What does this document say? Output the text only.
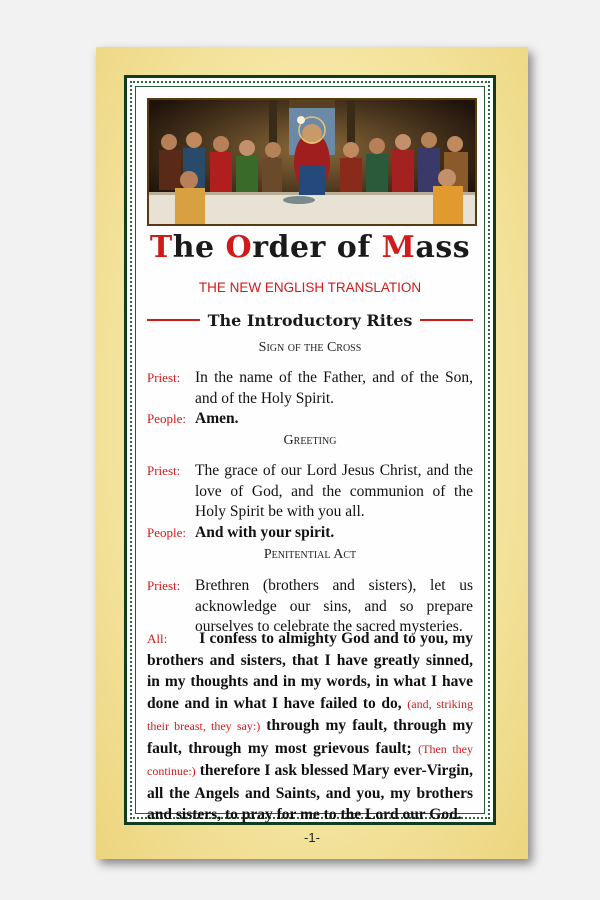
The Order of Mass
THE NEW ENGLISH TRANSLATION
The Introductory Rites
Sign of the Cross
Priest: In the name of the Father, and of the Son, and of the Holy Spirit.
People: Amen.
Greeting
Priest: The grace of our Lord Jesus Christ, and the love of God, and the communion of the Holy Spirit be with you all.
People: And with your spirit.
Penitential Act
Priest: Brethren (brothers and sisters), let us acknowledge our sins, and so prepare ourselves to celebrate the sacred mysteries.
All: I confess to almighty God and to you, my brothers and sisters, that I have greatly sinned, in my thoughts and in my words, in what I have done and in what I have failed to do, (and, striking their breast, they say:) through my fault, through my fault, through my most grievous fault; (Then they continue:) therefore I ask blessed Mary ever-Virgin, all the Angels and Saints, and you, my brothers and sisters, to pray for me to the Lord our God.
-1-
